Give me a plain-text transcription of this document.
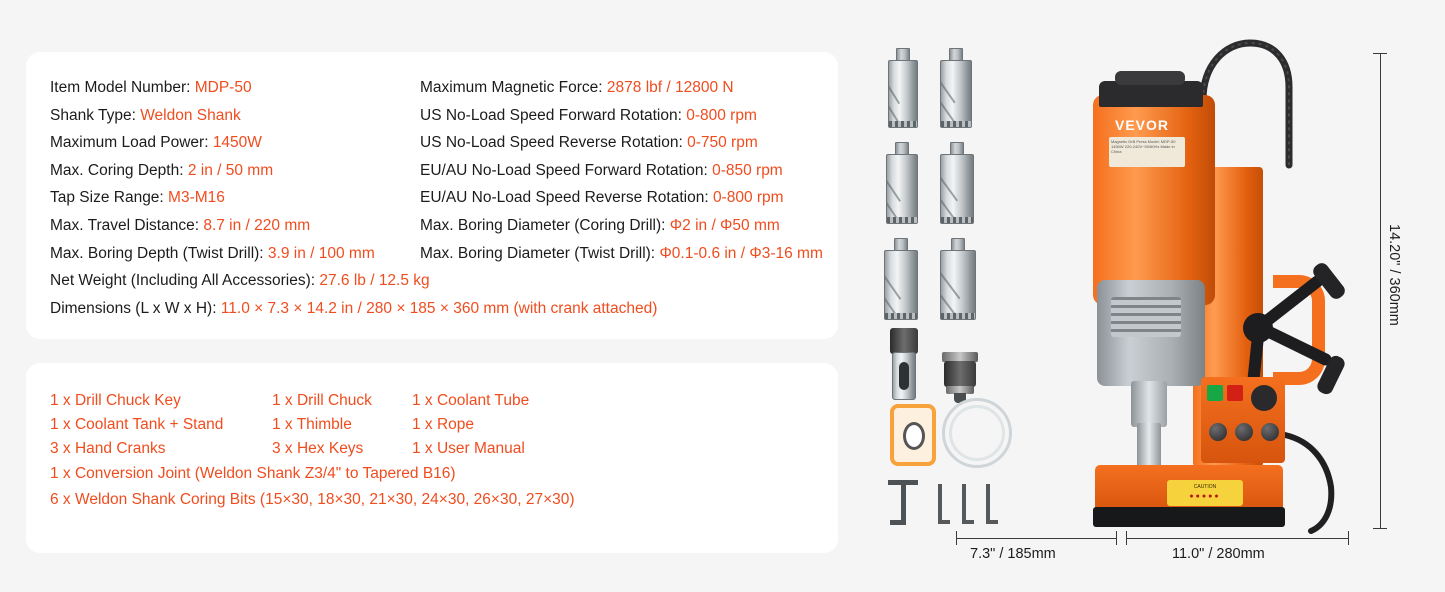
Item Model Number: MDP-50
Shank Type: Weldon Shank
Maximum Load Power: 1450W
Max. Coring Depth: 2 in / 50 mm
Tap Size Range: M3-M16
Max. Travel Distance: 8.7 in / 220 mm
Max. Boring Depth (Twist Drill): 3.9 in / 100 mm
Maximum Magnetic Force: 2878 lbf / 12800 N
US No-Load Speed Forward Rotation: 0-800 rpm
US No-Load Speed Reverse Rotation: 0-750 rpm
EU/AU No-Load Speed Forward Rotation: 0-850 rpm
EU/AU No-Load Speed Reverse Rotation: 0-800 rpm
Max. Boring Diameter (Coring Drill): Φ2 in / Φ50 mm
Max. Boring Diameter (Twist Drill): Φ0.1-0.6 in / Φ3-16 mm
Net Weight (Including All Accessories): 27.6 lb / 12.5 kg
Dimensions (L x W x H): 11.0 × 7.3 × 14.2 in / 280 × 185 × 360 mm (with crank attached)
1 x Drill Chuck Key	1 x Drill Chuck	1 x Coolant Tube
1 x Coolant Tank + Stand	1 x Thimble	1 x Rope
3 x Hand Cranks	3 x Hex Keys	1 x User Manual
1 x Conversion Joint (Weldon Shank Z3/4" to Tapered B16)
6 x Weldon Shank Coring Bits (15×30, 18×30, 21×30, 24×30, 26×30, 27×30)
VEVOR
Magnetic Drill Press Model: MDP-50 1450W 220-240V~50/60Hz Made in China
CAUTION
●●●●●
14.20" / 360mm
7.3" / 185mm	11.0" / 280mm
